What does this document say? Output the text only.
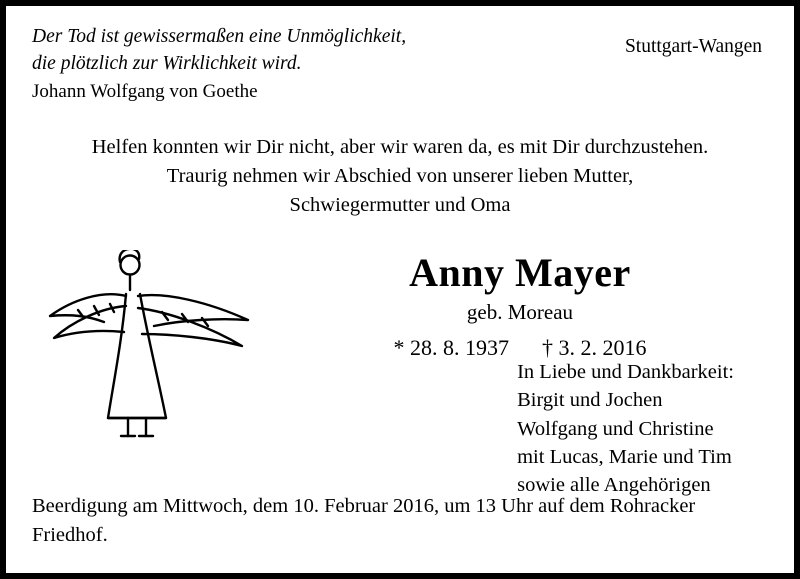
Der Tod ist gewissermaßen eine Unmöglichkeit,
die plötzlich zur Wirklichkeit wird.
Johann Wolfgang von Goethe
Stuttgart-Wangen
Helfen konnten wir Dir nicht, aber wir waren da, es mit Dir durchzustehen.
Traurig nehmen wir Abschied von unserer lieben Mutter,
Schwiegermutter und Oma
Anny Mayer
geb. Moreau
* 28. 8. 1937 † 3. 2. 2016
In Liebe und Dankbarkeit:
Birgit und Jochen
Wolfgang und Christine
mit Lucas, Marie und Tim
sowie alle Angehörigen
Beerdigung am Mittwoch, dem 10. Februar 2016, um 13 Uhr auf dem Rohracker
Friedhof.
